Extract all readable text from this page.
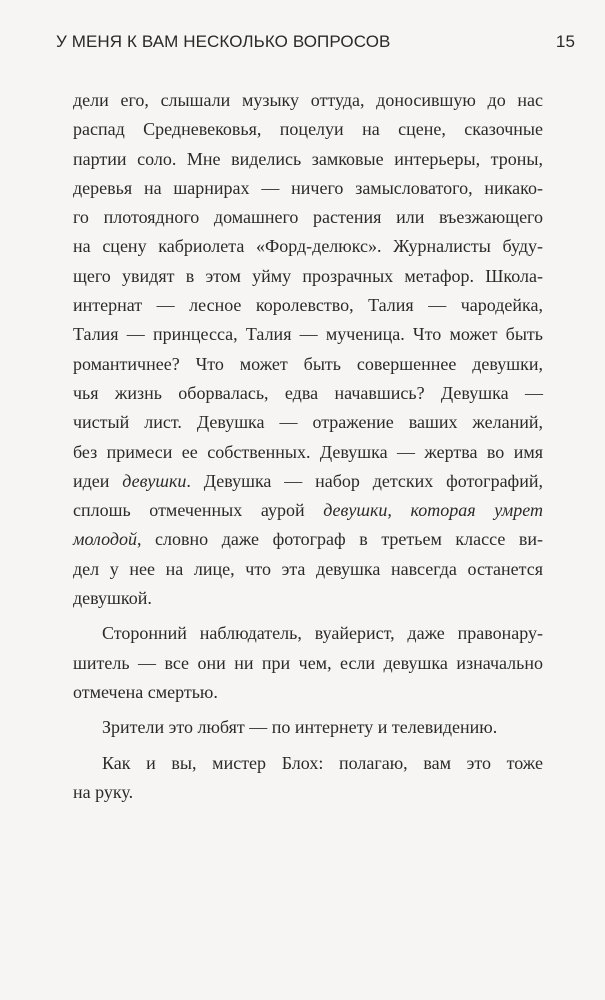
У МЕНЯ К ВАМ НЕСКОЛЬКО ВОПРОСОВ	15
дели его, слышали музыку оттуда, доносившую до нас
распад Средневековья, поцелуи на сцене, сказочные
партии соло. Мне виделись замковые интерьеры, троны,
деревья на шарнирах — ничего замысловатого, никако-
го плотоядного домашнего растения или въезжающего
на сцену кабриолета «Форд-делюкс». Журналисты буду-
щего увидят в этом уйму прозрачных метафор. Школа-
интернат — лесное королевство, Талия — чародейка,
Талия — принцесса, Талия — мученица. Что может быть
романтичнее? Что может быть совершеннее девушки,
чья жизнь оборвалась, едва начавшись? Девушка —
чистый лист. Девушка — отражение ваших желаний,
без примеси ее собственных. Девушка — жертва во имя
идеи девушки. Девушка — набор детских фотографий,
сплошь отмеченных аурой девушки, которая умрет
молодой, словно даже фотограф в третьем классе ви-
дел у нее на лице, что эта девушка навсегда останется
девушкой.
Сторонний наблюдатель, вуайерист, даже правонару-
шитель — все они ни при чем, если девушка изначально
отмечена смертью.
Зрители это любят — по интернету и телевидению.
Как и вы, мистер Блох: полагаю, вам это тоже
на руку.
